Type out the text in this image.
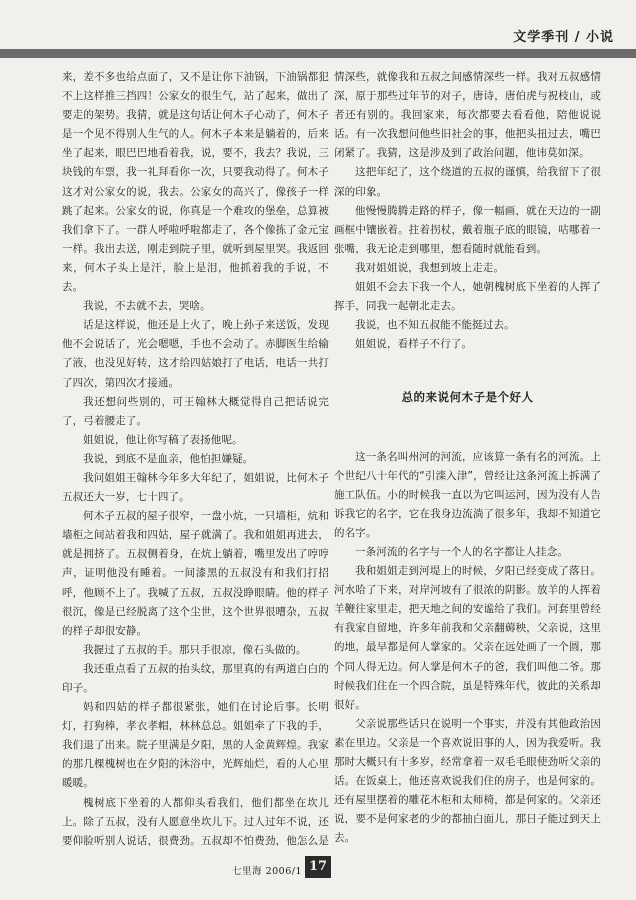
文学季刊 / 小说

来，差不多也给点面了，又不是让你下油锅，下油锅都犯不上这样推三挡四！公家女的很生气，站了起来，做出了要走的架势。我猜，就是这句话让何木子心动了，何木子是一个见不得别人生气的人。何木子本来是躺着的，后来坐了起来，眼巴巴地看着我，说，要不，我去？我说，三块钱的车票，我一礼拜看你一次，只要我动得了。何木子这才对公家女的说，我去。公家女的高兴了，像孩子一样跳了起来。公家女的说，你真是一个难攻的堡垒，总算被我们拿下了。一群人呼啦呼啦都走了，各个像拣了金元宝一样。我出去送，刚走到院子里，就听到屋里哭。我返回来，何木子头上是汗，脸上是泪，他抓着我的手说，不去。

我说，不去就不去，哭啥。

话是这样说，他还是上火了，晚上孙子来送饭，发现他不会说话了，光会嗯嗯，手也不会动了。赤脚医生给输了液，也没见好转，这才给四姑娘打了电话，电话一共打了四次，第四次才接通。

我还想问些别的，可王翰林大概觉得自己把话说完了，弓着腰走了。

姐姐说，他让你写稿了表扬他呢。

我说，到底不是血亲，他怕担嫌疑。

我问姐姐王翰林今年多大年纪了，姐姐说，比何木子五叔还大一岁，七十四了。

何木子五叔的屋子很窄，一盘小炕，一只墙柜，炕和墙柜之间站着我和四姑，屋子就满了。我和姐姐再进去，就是拥挤了。五叔侧着身，在炕上躺着，嘴里发出了哼哼声，证明他没有睡着。一间漆黑的五叔没有和我们打招呼，他顾不上了。我喊了五叔，五叔没睁眼睛。他的样子很沉，像是已经脱离了这个尘世，这个世界很嘈杂，五叔的样子却很安静。

我握过了五叔的手。那只手很凉，像石头做的。

我还重点看了五叔的抬头纹，那里真的有两道白白的印子。

妈和四姑的样子都很紧张，她们在讨论后事。长明灯，打狗棒，孝衣孝帽，林林总总。姐姐牵了下我的手，我们退了出来。院子里满是夕阳，黑的人金黄辉煌。我家的那几棵槐树也在夕阳的沐浴中，光辉灿烂，看的人心里暖暖。

槐树底下坐着的人都仰头看我们，他们都坐在坎儿上。除了五叔，没有人愿意坐坎儿下。过人过年不说，还要仰脸听别人说话，很费劲。五叔却不怕费劲，他怎么是

情深些，就像我和五叔之间感情深些一样。我对五叔感情深，原于那些过年节的对子，唐诗，唐伯虎与祝枝山，或者还有别的。我回家来，每次都要去看看他，陪他说说话。有一次我想问他些旧社会的事，他把头扭过去，嘴巴闭紧了。我猜，这是涉及到了政治问题，他讳莫如深。

这把年纪了，这个绕道的五叔的谨慎，给我留下了很深的印象。

他慢慢腾腾走路的样子，像一幅画，就在天边的一副画框中镶嵌着。拄着拐杖，戴着瓶子底的眼镜，咕哪着一张嘴，我无论走到哪里，想看随时就能看到。

我对姐姐说，我想到坡上走走。

姐姐不会去下我一个人，她朝槐树底下坐着的人挥了挥手，同我一起朝北走去。

我说，也不知五叔能不能挺过去。

姐姐说，看样子不行了。

总的来说何木子是个好人

这一条名叫州河的河流，应该算一条有名的河流。上个世纪八十年代的“引滦入津”，曾经让这条河流上拆满了施工队伍。小的时候我一直以为它叫运河，因为没有人告诉我它的名字，它在我身边流淌了很多年，我却不知道它的名字。

一条河流的名字与一个人的名字都让人挂念。

我和姐姐走到河堤上的时候，夕阳已经变成了落日。河水哈了下来，对岸河坡有了很浓的阴影。放羊的人挥着羊鞭往家里走，把天地之间的安谧给了我们。河套里曾经有我家自留地，许多年前我和父亲翻薅秧，父亲说，这里的地，最早都是何人掌家的。父亲在远处画了一个圆，那个同人得无边。何人掌是何木子的爸，我们叫他二爷。那时候我们住在一个四合院，虽是特殊年代，彼此的关系却很好。

父亲说那些话只在说明一个事实，并没有其他政治因素在里边。父亲是一个喜欢说旧事的人，因为我爱听。我那时大概只有十多岁，经常拿着一双毛毛眼使劲听父亲的话。在饭桌上，他还喜欢说我们住的房子，也是何家的。还有屋里摆着的雕花木柜和太师椅，都是何家的。父亲还说，要不是何家老的少的都抽白面儿，那日子能过到天上去。

七里海 2006/1 17
